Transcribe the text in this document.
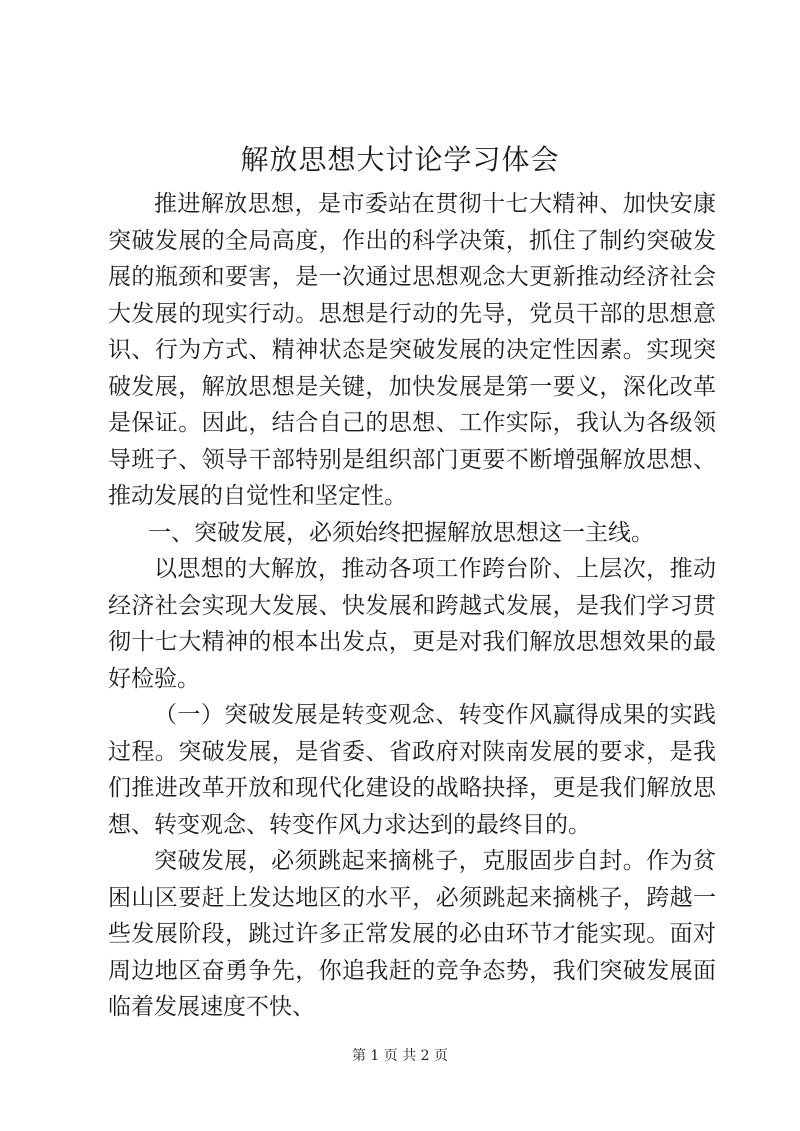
解放思想大讨论学习体会

推进解放思想，是市委站在贯彻十七大精神、加快安康突破发展的全局高度，作出的科学决策，抓住了制约突破发展的瓶颈和要害，是一次通过思想观念大更新推动经济社会大发展的现实行动。思想是行动的先导，党员干部的思想意识、行为方式、精神状态是突破发展的决定性因素。实现突破发展，解放思想是关键，加快发展是第一要义，深化改革是保证。因此，结合自己的思想、工作实际，我认为各级领导班子、领导干部特别是组织部门更要不断增强解放思想、推动发展的自觉性和坚定性。

一、突破发展，必须始终把握解放思想这一主线。

以思想的大解放，推动各项工作跨台阶、上层次，推动经济社会实现大发展、快发展和跨越式发展，是我们学习贯彻十七大精神的根本出发点，更是对我们解放思想效果的最好检验。

（一）突破发展是转变观念、转变作风赢得成果的实践过程。突破发展，是省委、省政府对陕南发展的要求，是我们推进改革开放和现代化建设的战略抉择，更是我们解放思想、转变观念、转变作风力求达到的最终目的。

突破发展，必须跳起来摘桃子，克服固步自封。作为贫困山区要赶上发达地区的水平，必须跳起来摘桃子，跨越一些发展阶段，跳过许多正常发展的必由环节才能实现。面对周边地区奋勇争先，你追我赶的竞争态势，我们突破发展面临着发展速度不快、

第 1 页 共 2 页
